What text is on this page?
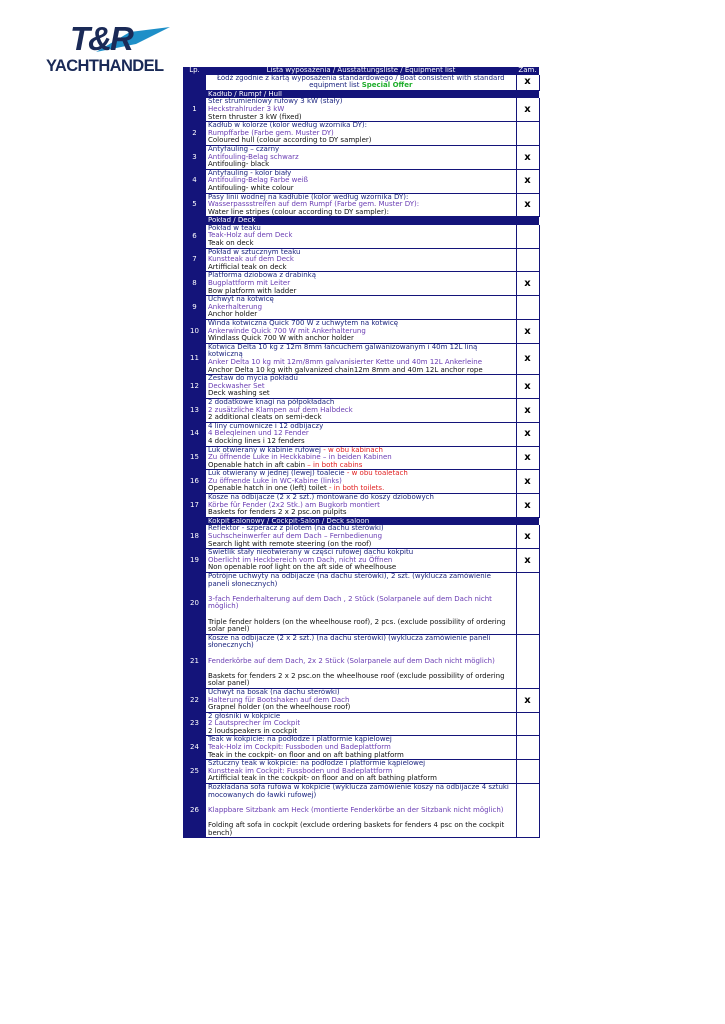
T&R
YACHTHANDEL	Lp.	Lista wyposażenia / Ausstattungsliste / Equipment list	Zam.
	Łódź zgodnie z kartą wyposażenia standardowego / Boat consistent with standard equipment list Special Offer	x
	Kadłub / Rumpf / Hull	
1	Ster strumieniowy rufowy 3 kW (stały)
Heckstrahlruder 3 kW
Stern thruster 3 kW (fixed)	x
2	Kadłub w kolorze (kolor według wzornika DY):
Rumpffarbe (Farbe gem. Muster DY)
Coloured hull (colour according to DY sampler)	

3	Antyfauling – czarny
Antifouling-Belag schwarz
Antifouling- black	x
4	Antyfauling - kolor biały
Antifouling-Belag Farbe weiß
Antifouling- white colour	x
5	Pasy linii wodnej na kadłubie (kolor według wzornika DY):
Wasserpassstreifen auf dem Rumpf (Farbe gem. Muster DY):
Water line stripes (colour according to DY sampler):	x
	Pokład / Deck	
6	Pokład w teaku
Teak-Holz auf dem Deck
Teak on deck	

7	Pokład w sztucznym teaku
Kunstteak auf dem Deck
Artifficial teak on deck	

8	Platforma dziobowa z drabinką
Bugplattform mit Leiter
Bow platform with ladder	x
9	Uchwyt na kotwicę
Ankerhalterung
Anchor holder	

10	Winda kotwiczna Quick 700 W z uchwytem na kotwicę
Ankerwinde Quick 700 W mit Ankerhalterung
Windlass Quick 700 W with anchor holder	x
11	Kotwica Delta 10 kg z 12m 8mm łańcuchem galwanizowanym i 40m 12L liną kotwiczną
Anker Delta 10 kg mit 12m/8mm galvanisierter Kette und 40m 12L Ankerleine
Anchor Delta 10 kg with galvanized chain12m 8mm and 40m 12L anchor rope	x
12	Zestaw do mycia pokładu
Deckwasher Set
Deck washing set	x
13	2 dodatkowe knagi na półpokładach
2 zusätzliche Klampen auf dem Halbdeck
2 additional cleats on semi-deck	x
14	4 liny cumownicze i 12 odbijaczy
4 Beleqleinen und 12 Fender
4 docking lines i 12 fenders	x
15	Luk otwierany w kabinie rufowej - w obu kabinach
Zu öffnende Luke in Heckkabine – in beiden Kabinen
Openable hatch in aft cabin – in both cabins	x
16	Luk otwierany w jednej (lewej) toalecie - w obu toaletach
Zu öffnende Luke in WC-Kabine (links)
Openable hatch in one (left) toilet - in both toilets.	x
17	Kosze na odbijacze (2 x 2 szt.) montowane do koszy dziobowych
Körbe für Fender (2x2 Stk.) am Bugkorb montiert
Baskets for fenders 2 x 2 psc.on pulpits	x
	Kokpit salonowy / Cockpit-Salon / Deck saloon	
18	Reflektor - szperacz z pilotem (na dachu sterówki)
Suchscheinwerfer auf dem Dach – Fernbedienung
Search light with remote steering (on the roof)	x
19	Świetlik stały nieotwierany w części rufowej dachu kokpitu
Oberlicht im Heckbereich vom Dach, nicht zu Öffnen
Non openable roof light on the aft side of wheelhouse	x
20	Potrójne uchwyty na odbijacze (na dachu sterówki), 2 szt. (wyklucza zamówienie paneli słonecznych)
3-fach Fenderhalterung auf dem Dach , 2 Stück (Solarpanele auf dem Dach nicht möglich)
Triple fender holders (on the wheelhouse roof), 2 pcs. (exclude possibility of ordering solar panel)	

21	Kosze na odbijacze (2 x 2 szt.) (na dachu sterówki) (wyklucza zamówienie paneli słonecznych)
Fenderkörbe auf dem Dach, 2x 2 Stück (Solarpanele auf dem Dach nicht möglich)
Baskets for fenders 2 x 2 psc.on the wheelhouse roof (exclude possibility of ordering solar panel)	

22	Uchwyt na bosak (na dachu sterówki)
Halterung für Bootshaken auf dem Dach
Grapnel holder (on the wheelhouse roof)	x
23	2 głośniki w kokpicie
2 Lautsprecher im Cockpit
2 loudspeakers in cockpit	

24	Teak w kokpicie: na podłodze i platformie kąpielowej
Teak-Holz im Cockpit: Fussboden und Badeplattform
Teak in the cockpit- on floor and on aft bathing platform	

25	Sztuczny teak w kokpicie: na podłodze i platformie kąpielowej
Kunstteak im Cockpit: Fussboden und Badeplattform
Artifficial teak in the cockpit- on floor and on aft bathing platform	

26	Rozkładana sofa rufowa w kokpicie (wyklucza zamówienie koszy na odbijacze 4 sztuki mocowanych do ławki rufowej)
Klappbare Sitzbank am Heck (montierte Fenderkörbe an der Sitzbank nicht möglich)
Folding aft sofa in cockpit (exclude ordering baskets for fenders 4 psc on the cockpit bench)	
